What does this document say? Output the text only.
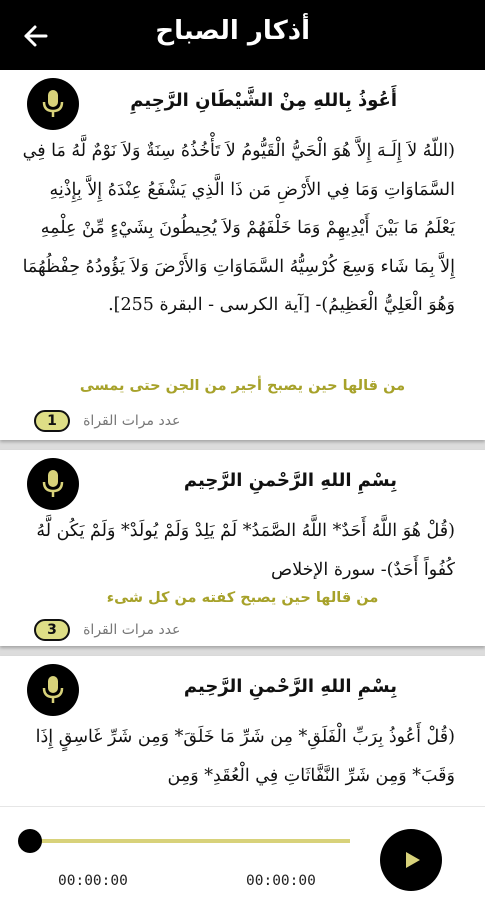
أذكار الصباح
أَعُوذُ بِاللهِ مِنْ الشَّيْطَانِ الرَّجِيمِ
(اللّهُ لاَ إِلَـهَ إِلاَّ هُوَ الْحَيُّ الْقَيُّومُ لاَ تَأْخُذُهُ سِنَةٌ وَلاَ نَوْمٌ لَّهُ مَا فِي السَّمَاوَاتِ وَمَا فِي الأَرْضِ مَن ذَا الَّذِي يَشْفَعُ عِنْدَهُ إِلاَّ بِإِذْنِهِ يَعْلَمُ مَا بَيْنَ أَيْدِيهِمْ وَمَا خَلْفَهُمْ وَلاَ يُحِيطُونَ بِشَيْءٍ مِّنْ عِلْمِهِ إِلاَّ بِمَا شَاء وَسِعَ كُرْسِيُّهُ السَّمَاوَاتِ وَالأَرْضَ وَلاَ يَؤُودُهُ حِفْظُهُمَا وَهُوَ الْعَلِيُّ الْعَظِيمُ)- [آية الكرسى - البقرة 255].
من قالها حين يصبح أجير من الجن حتى يمسى
1 عدد مرات القراة
بِسْمِ اللهِ الرَّحْمنِ الرَّحِيم
(قُلْ هُوَ اللَّهُ أَحَدٌ* اللَّهُ الصَّمَدُ* لَمْ يَلِدْ وَلَمْ يُولَدْ* وَلَمْ يَكُن لَّهُ كُفُواً أَحَدٌ)- سورة الإخلاص
من قالها حين يصبح كفته من كل شىء
3 عدد مرات القراة
بِسْمِ اللهِ الرَّحْمنِ الرَّحِيم
(قُلْ أَعُوذُ بِرَبِّ الْفَلَقِ* مِن شَرِّ مَا خَلَقَ* وَمِن شَرِّ غَاسِقٍ إِذَا وَقَبَ* وَمِن شَرِّ النَّفَّاثَاتِ فِي الْعُقَدِ* وَمِن
00:00:00	00:00:00
